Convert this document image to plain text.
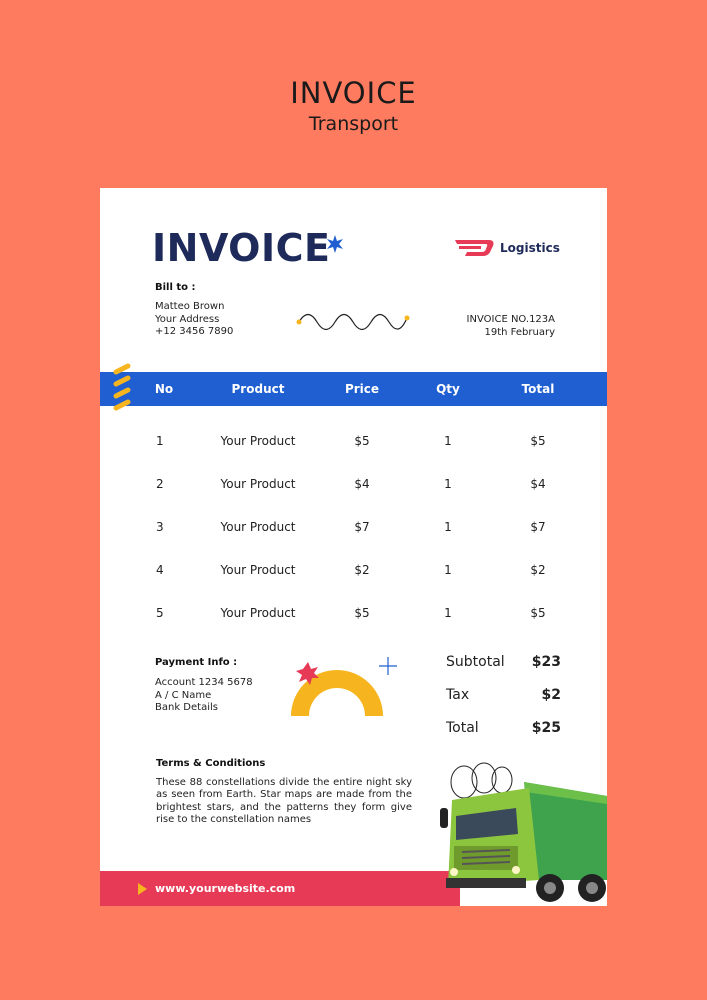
INVOICE
Transport
INVOICE	Logistics
Bill to :
Matteo Brown
Your Address
+12 3456 7890
INVOICE NO.123A
19th February
No	Product	Price	Qty	Total
1	Your Product	$5	1	$5
2	Your Product	$4	1	$4
3	Your Product	$7	1	$7
4	Your Product	$2	1	$2
5	Your Product	$5	1	$5
Payment Info :
Account 1234 5678
A / C Name
Bank Details
Subtotal $23
Tax	$2
Total	$25
Terms & Conditions
These 88 constellations divide the entire night sky as seen from Earth. Star maps are made from the brightest stars, and the patterns they form give rise to the constellation names
www.yourwebsite.com
